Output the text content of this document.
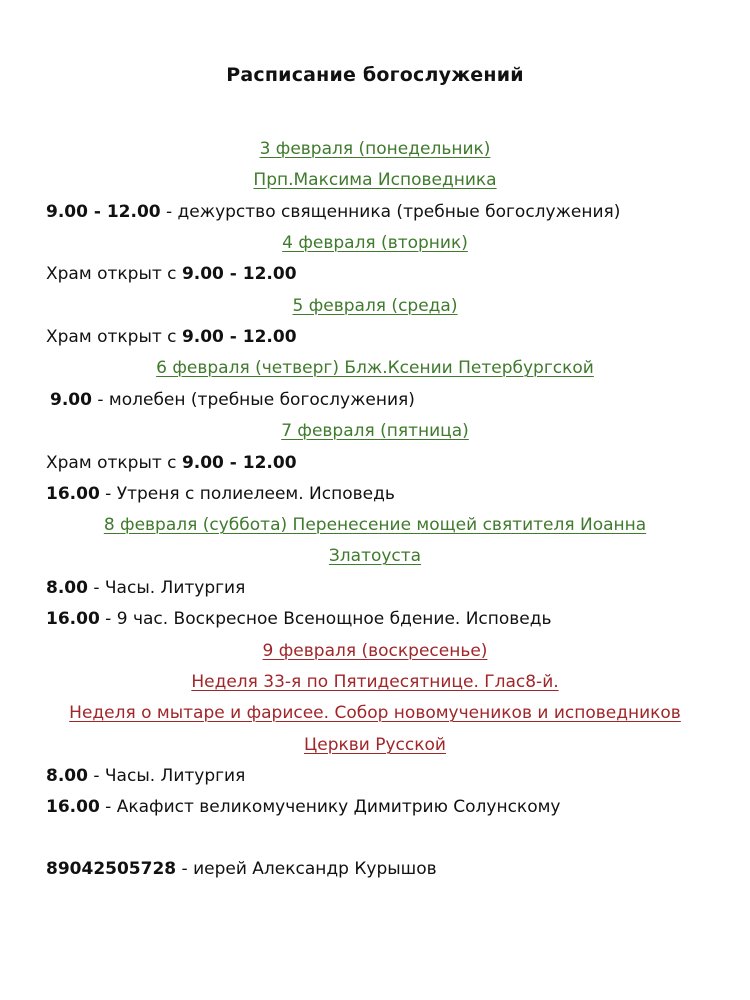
Расписание богослужений
3 февраля (понедельник)
Прп.Максима Исповедника
9.00 - 12.00 - дежурство священника (требные богослужения)
4 февраля (вторник)
Храм открыт с 9.00 - 12.00
5 февраля (среда)
Храм открыт с 9.00 - 12.00
6 февраля (четверг) Блж.Ксении Петербургской
9.00 - молебен (требные богослужения)
7 февраля (пятница)
Храм открыт с 9.00 - 12.00
16.00 - Утреня с полиелеем. Исповедь
8 февраля (суббота) Перенесение мощей святителя Иоанна
Златоуста
8.00 - Часы. Литургия
16.00 - 9 час. Воскресное Всенощное бдение. Исповедь
9 февраля (воскресенье)
Неделя 33-я по Пятидесятнице. Глас8-й.
Неделя о мытаре и фарисее. Собор новомучеников и исповедников
Церкви Русской
8.00 - Часы. Литургия
16.00 - Акафист великомученику Димитрию Солунскому
89042505728 - иерей Александр Курышов
